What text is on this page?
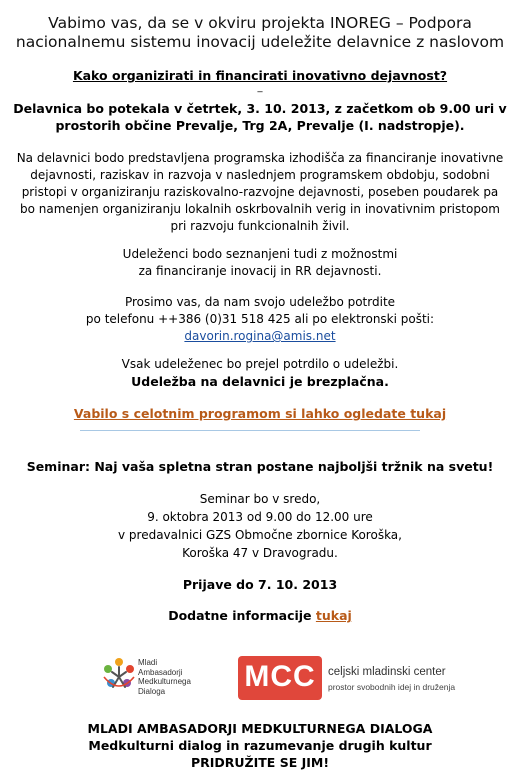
Vabimo vas, da se v okviru projekta INOREG – Podpora
nacionalnemu sistemu inovacij udeležite delavnice z naslovom
Kako organizirati in financirati inovativno dejavnost?
_
Delavnica bo potekala v četrtek, 3. 10. 2013, z začetkom ob 9.00 uri v
prostorih občine Prevalje, Trg 2A, Prevalje (I. nadstropje).
Na delavnici bodo predstavljena programska izhodišča za financiranje inovativne
dejavnosti, raziskav in razvoja v naslednjem programskem obdobju, sodobni
pristopi v organiziranju raziskovalno-razvojne dejavnosti, poseben poudarek pa
bo namenjen organiziranju lokalnih oskrbovalnih verig in inovativnim pristopom
pri razvoju funkcionalnih živil.
Udeleženci bodo seznanjeni tudi z možnostmi
za financiranje inovacij in RR dejavnosti.
Prosimo vas, da nam svojo udeležbo potrdite
po telefonu ++386 (0)31 518 425 ali po elektronski pošti:
davorin.rogina@amis.net
Vsak udeleženec bo prejel potrdilo o udeležbi.
Udeležba na delavnici je brezplačna.
Vabilo s celotnim programom si lahko ogledate tukaj
Seminar: Naj vaša spletna stran postane najboljši tržnik na svetu!
Seminar bo v sredo,
9. oktobra 2013 od 9.00 do 12.00 ure
v predavalnici GZS Območne zbornice Koroška,
Koroška 47 v Dravogradu.
Prijave do 7. 10. 2013
Dodatne informacije tukaj
Mladi
Ambasadorji
Medkulturnega
Dialoga	MCC	celjski mladinski center
prostor svobodnih idej in druženja
MLADI AMBASADORJI MEDKULTURNEGA DIALOGA
Medkulturni dialog in razumevanje drugih kultur
PRIDRUŽITE SE JIM!
